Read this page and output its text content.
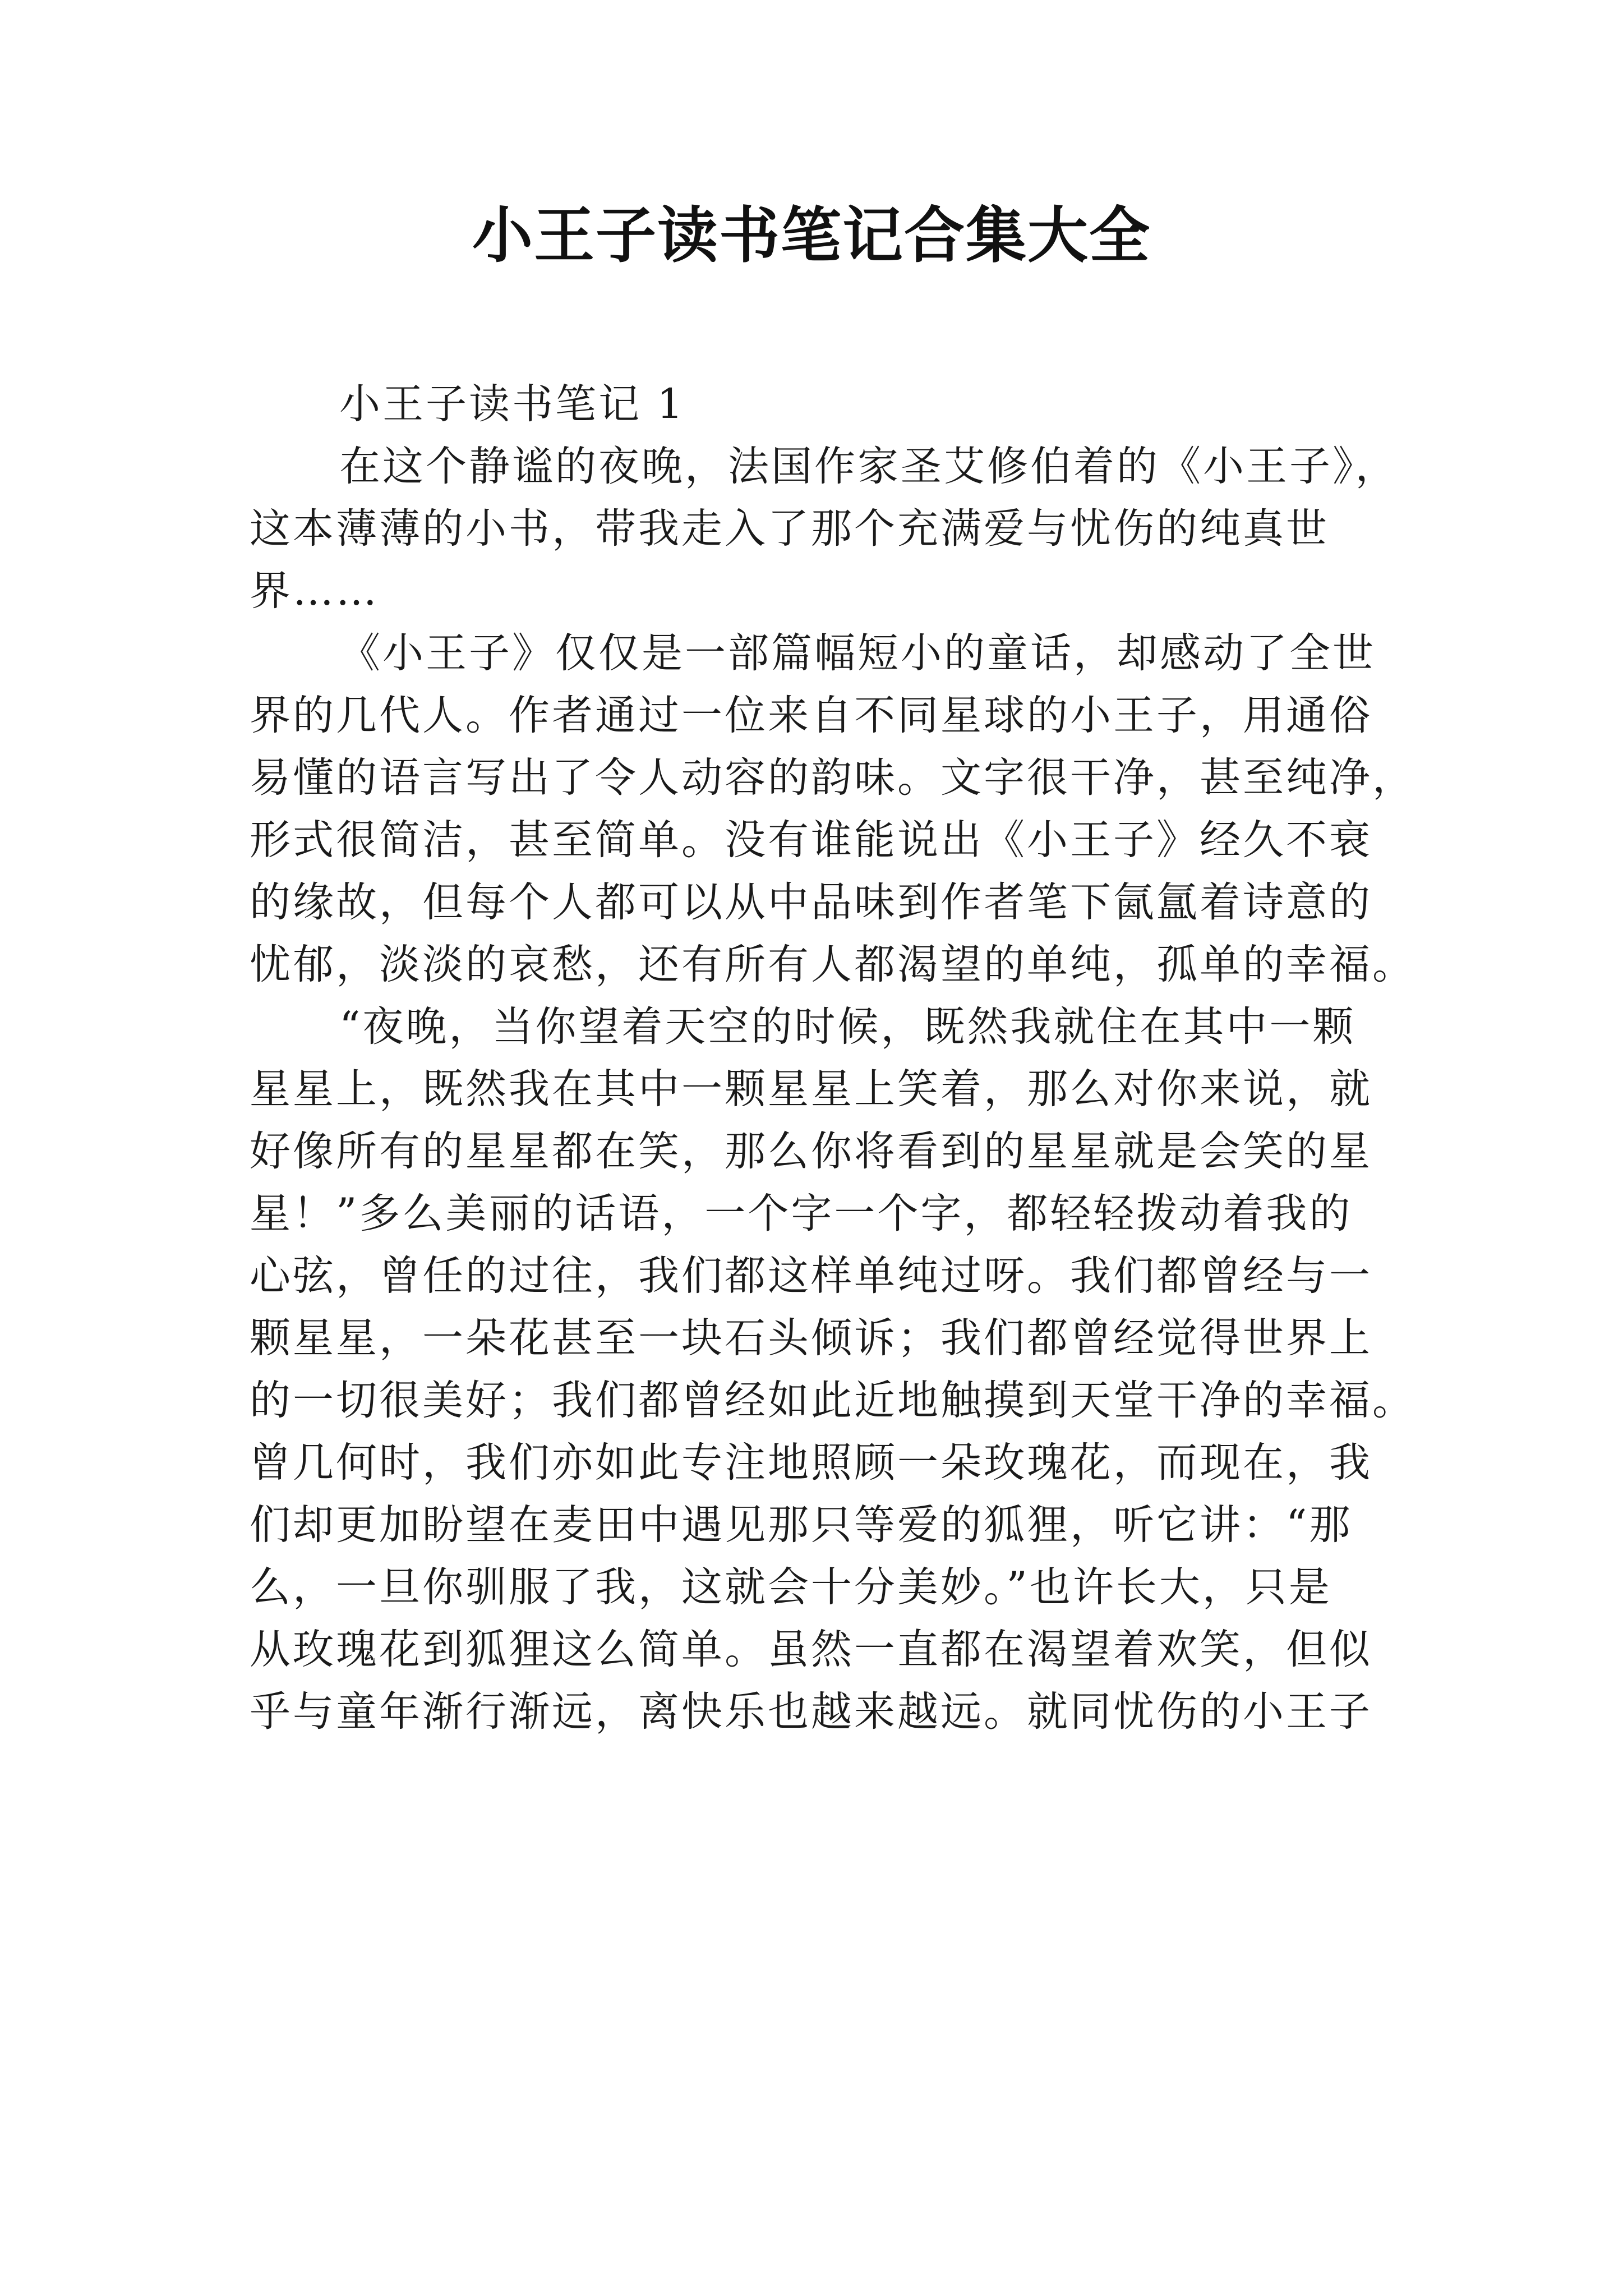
小王子读书笔记合集大全
小王子读书笔记 1
在这个静谧的夜晚，法国作家圣艾修伯着的《小王子》，
这本薄薄的小书，带我走入了那个充满爱与忧伤的纯真世
界……
《小王子》仅仅是一部篇幅短小的童话，却感动了全世
界的几代人。作者通过一位来自不同星球的小王子，用通俗
易懂的语言写出了令人动容的韵味。文字很干净，甚至纯净，
形式很简洁，甚至简单。没有谁能说出《小王子》经久不衰
的缘故，但每个人都可以从中品味到作者笔下氤氲着诗意的
忧郁，淡淡的哀愁，还有所有人都渴望的单纯，孤单的幸福。
“夜晚，当你望着天空的时候，既然我就住在其中一颗
星星上，既然我在其中一颗星星上笑着，那么对你来说，就
好像所有的星星都在笑，那么你将看到的星星就是会笑的星
星！”多么美丽的话语，一个字一个字，都轻轻拨动着我的
心弦，曾任的过往，我们都这样单纯过呀。我们都曾经与一
颗星星，一朵花甚至一块石头倾诉；我们都曾经觉得世界上
的一切很美好；我们都曾经如此近地触摸到天堂干净的幸福。
曾几何时，我们亦如此专注地照顾一朵玫瑰花，而现在，我
们却更加盼望在麦田中遇见那只等爱的狐狸，听它讲：“那
么，一旦你驯服了我，这就会十分美妙。”也许长大，只是
从玫瑰花到狐狸这么简单。虽然一直都在渴望着欢笑，但似
乎与童年渐行渐远，离快乐也越来越远。就同忧伤的小王子
